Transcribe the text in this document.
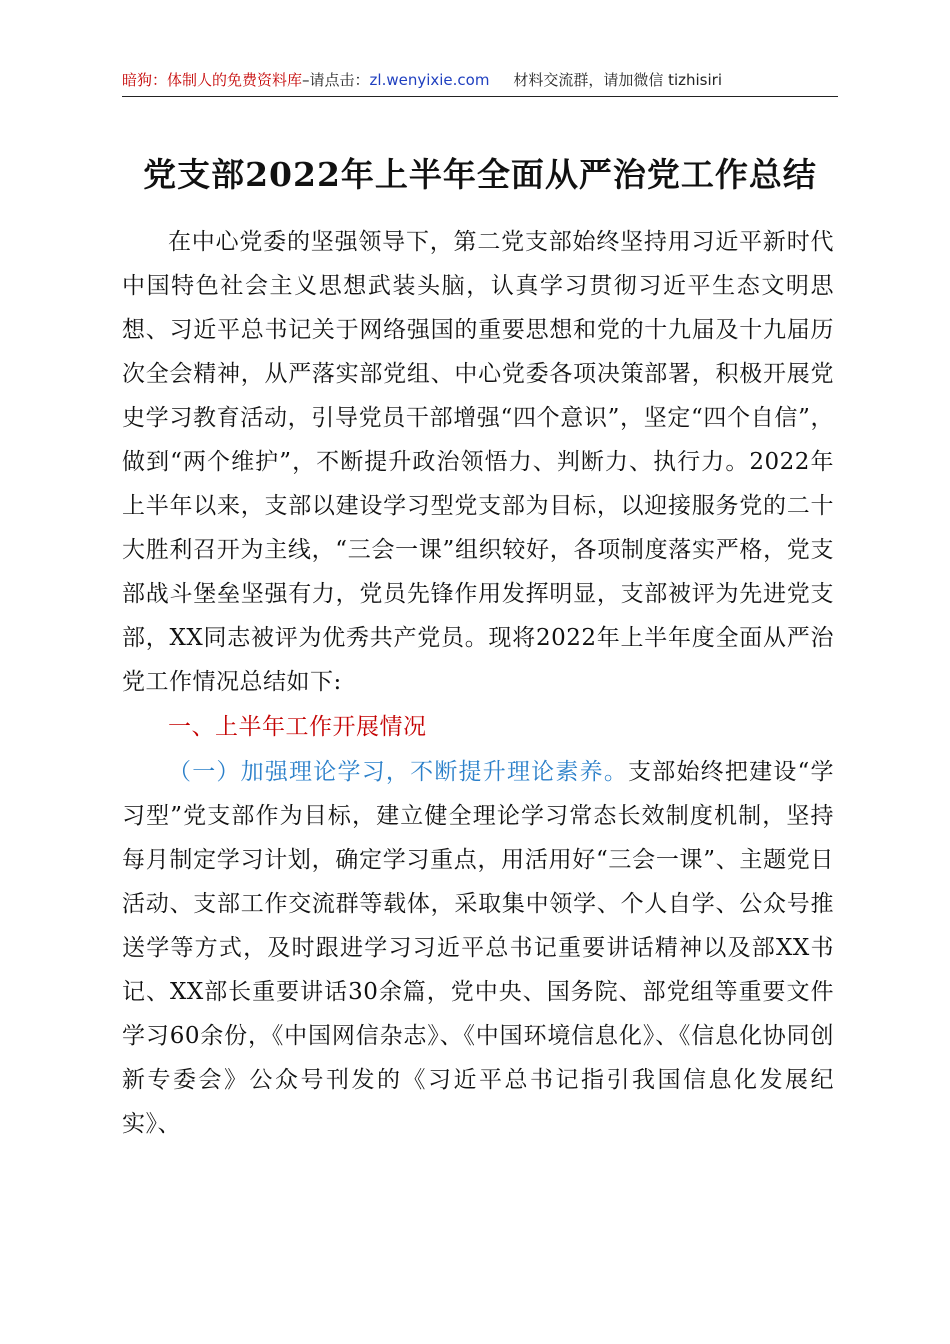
暗狗：体制人的免费资料库–请点击：zl.wenyixie.com 材料交流群，请加微信 tizhisiri
党支部2022年上半年全面从严治党工作总结

在中心党委的坚强领导下，第二党支部始终坚持用习近平新时代中国特色社会主义思想武装头脑，认真学习贯彻习近平生态文明思想、习近平总书记关于网络强国的重要思想和党的十九届及十九届历次全会精神，从严落实部党组、中心党委各项决策部署，积极开展党史学习教育活动，引导党员干部增强“四个意识”，坚定“四个自信”，做到“两个维护”，不断提升政治领悟力、判断力、执行力。2022年上半年以来，支部以建设学习型党支部为目标，以迎接服务党的二十大胜利召开为主线，“三会一课”组织较好，各项制度落实严格，党支部战斗堡垒坚强有力，党员先锋作用发挥明显，支部被评为先进党支部，XX同志被评为优秀共产党员。现将2022年上半年度全面从严治党工作情况总结如下:

一、上半年工作开展情况

（一）加强理论学习，不断提升理论素养。支部始终把建设“学习型”党支部作为目标，建立健全理论学习常态长效制度机制，坚持每月制定学习计划，确定学习重点，用活用好“三会一课”、主题党日活动、支部工作交流群等载体，采取集中领学、个人自学、公众号推送学等方式，及时跟进学习习近平总书记重要讲话精神以及部XX书记、XX部长重要讲话30余篇，党中央、国务院、部党组等重要文件学习60余份，《中国网信杂志》、《中国环境信息化》、《信息化协同创新专委会》公众号刊发的《习近平总书记指引我国信息化发展纪实》、
